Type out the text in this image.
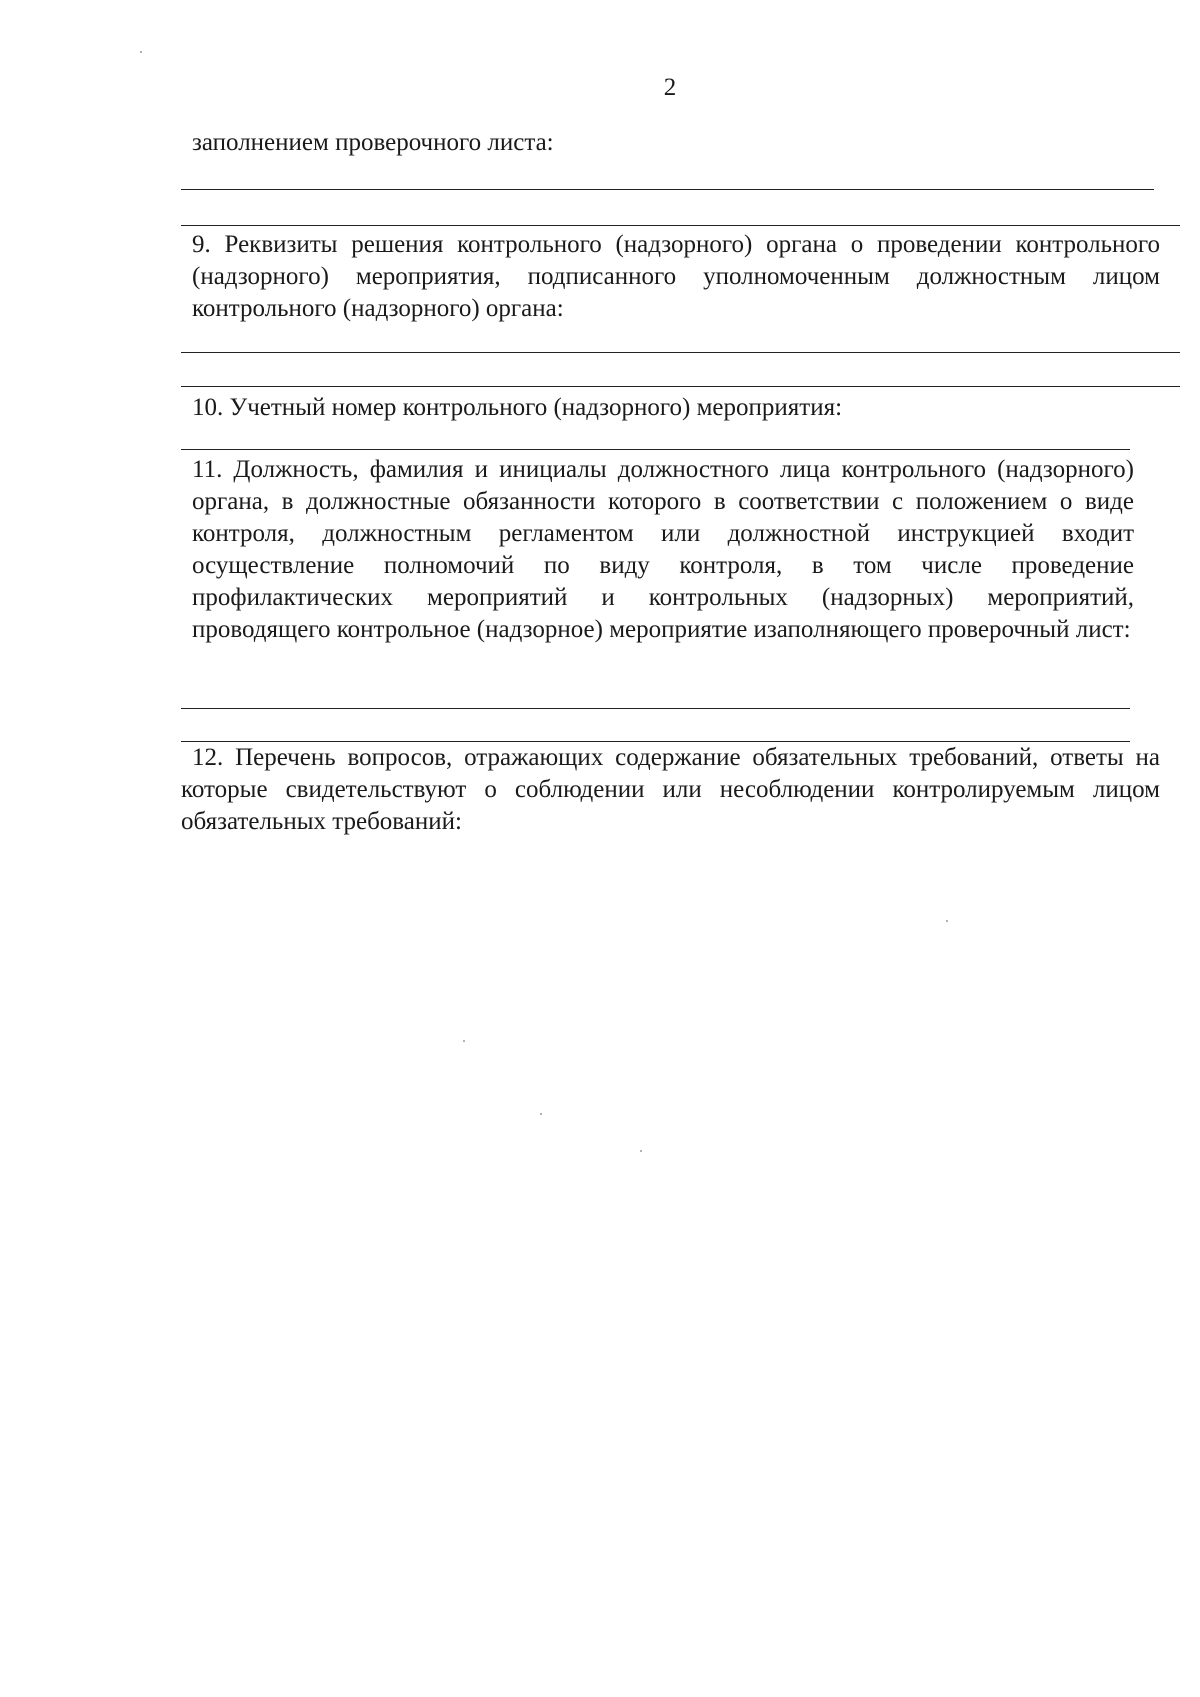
2

заполнением проверочного листа:

9. Реквизиты решения контрольного (надзорного) органа о проведении контрольного (надзорного) мероприятия, подписанного уполномоченным должностным лицом контрольного (надзорного) органа:

10. Учетный номер контрольного (надзорного) мероприятия:

11. Должность, фамилия и инициалы должностного лица контрольного (надзорного) органа, в должностные обязанности которого в соответствии с положением о виде контроля, должностным регламентом или должностной инструкцией входит осуществление полномочий по виду контроля, в том числе проведение профилактических мероприятий и контрольных (надзорных) мероприятий, проводящего контрольное (надзорное) мероприятие изаполняющего проверочный лист:

12. Перечень вопросов, отражающих содержание обязательных требований, ответы на которые свидетельствуют о соблюдении или несоблюдении контролируемым лицом обязательных требований:
